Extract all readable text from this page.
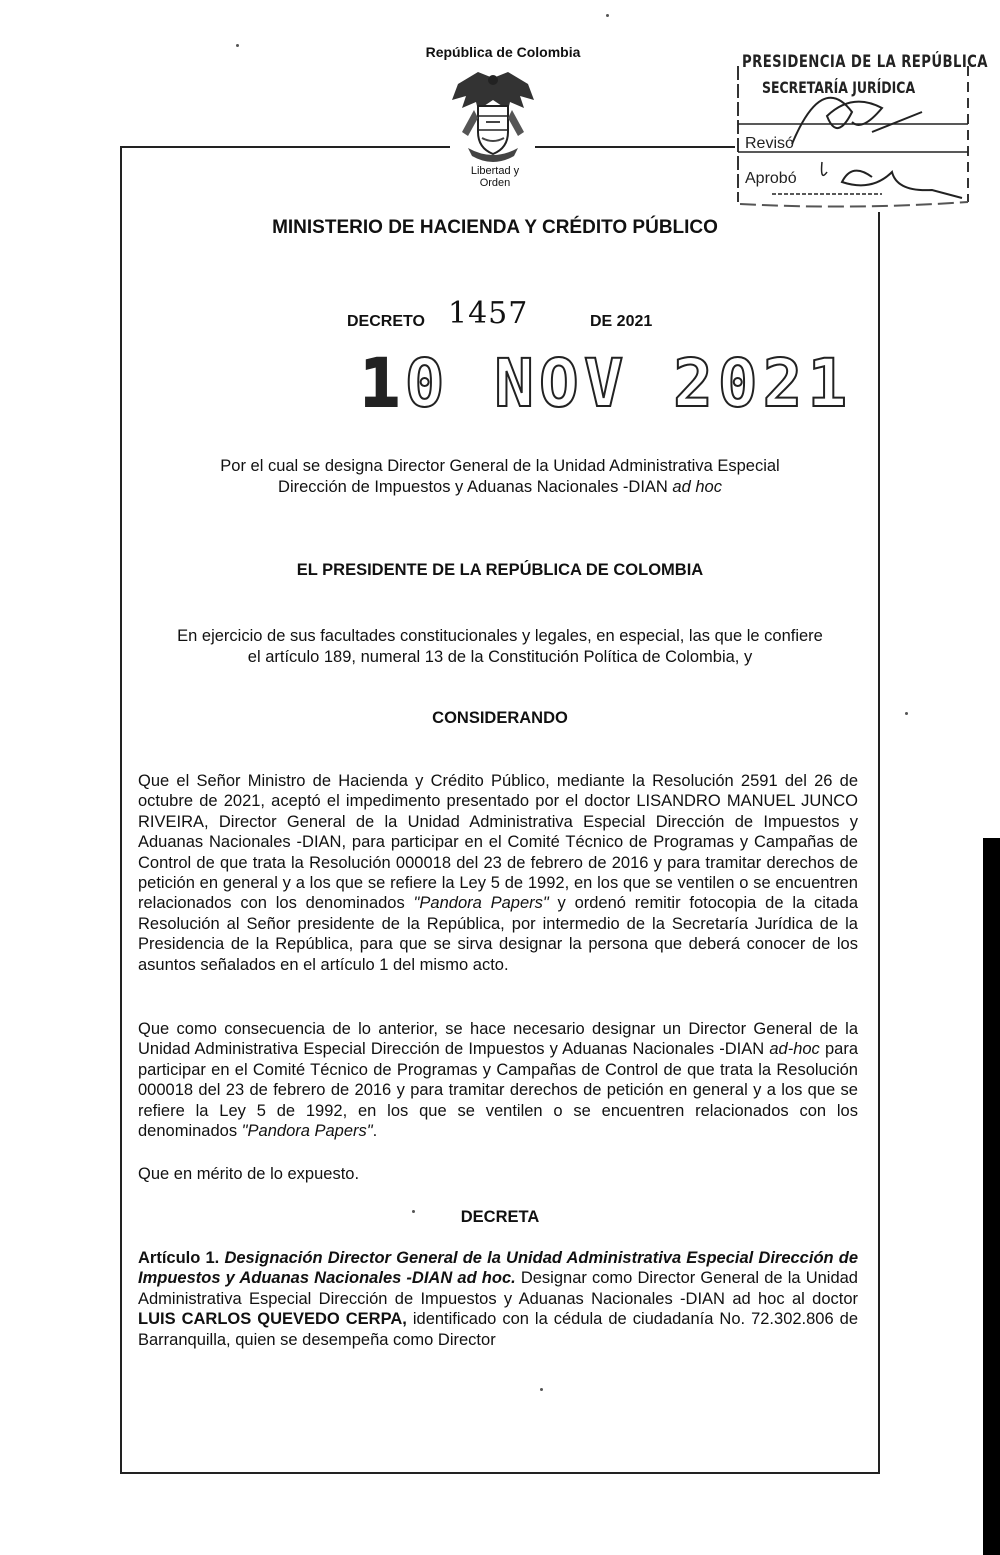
República de Colombia
Libertad y Orden
PRESIDENCIA DE LA REPÚBLICA
SECRETARÍA JURÍDICA
Revisó
Aprobó
MINISTERIO DE HACIENDA Y CRÉDITO PÚBLICO
DECRETO 1457	DE 2021
10 NOV 2021
Por el cual se designa Director General de la Unidad Administrativa Especial
Dirección de Impuestos y Aduanas Nacionales -DIAN ad hoc
EL PRESIDENTE DE LA REPÚBLICA DE COLOMBIA
En ejercicio de sus facultades constitucionales y legales, en especial, las que le confiere
el artículo 189, numeral 13 de la Constitución Política de Colombia, y
CONSIDERANDO
Que el Señor Ministro de Hacienda y Crédito Público, mediante la Resolución 2591 del 26 de octubre de 2021, aceptó el impedimento presentado por el doctor LISANDRO MANUEL JUNCO RIVEIRA, Director General de la Unidad Administrativa Especial Dirección de Impuestos y Aduanas Nacionales -DIAN, para participar en el Comité Técnico de Programas y Campañas de Control de que trata la Resolución 000018 del 23 de febrero de 2016 y para tramitar derechos de petición en general y a los que se refiere la Ley 5 de 1992, en los que se ventilen o se encuentren relacionados con los denominados "Pandora Papers" y ordenó remitir fotocopia de la citada Resolución al Señor presidente de la República, por intermedio de la Secretaría Jurídica de la Presidencia de la República, para que se sirva designar la persona que deberá conocer de los asuntos señalados en el artículo 1 del mismo acto.
Que como consecuencia de lo anterior, se hace necesario designar un Director General de la Unidad Administrativa Especial Dirección de Impuestos y Aduanas Nacionales -DIAN ad-hoc para participar en el Comité Técnico de Programas y Campañas de Control de que trata la Resolución 000018 del 23 de febrero de 2016 y para tramitar derechos de petición en general y a los que se refiere la Ley 5 de 1992, en los que se ventilen o se encuentren relacionados con los denominados "Pandora Papers".
Que en mérito de lo expuesto.
DECRETA
Artículo 1. Designación Director General de la Unidad Administrativa Especial Dirección de Impuestos y Aduanas Nacionales -DIAN ad hoc. Designar como Director General de la Unidad Administrativa Especial Dirección de Impuestos y Aduanas Nacionales -DIAN ad hoc al doctor LUIS CARLOS QUEVEDO CERPA, identificado con la cédula de ciudadanía No. 72.302.806 de Barranquilla, quien se desempeña como Director
